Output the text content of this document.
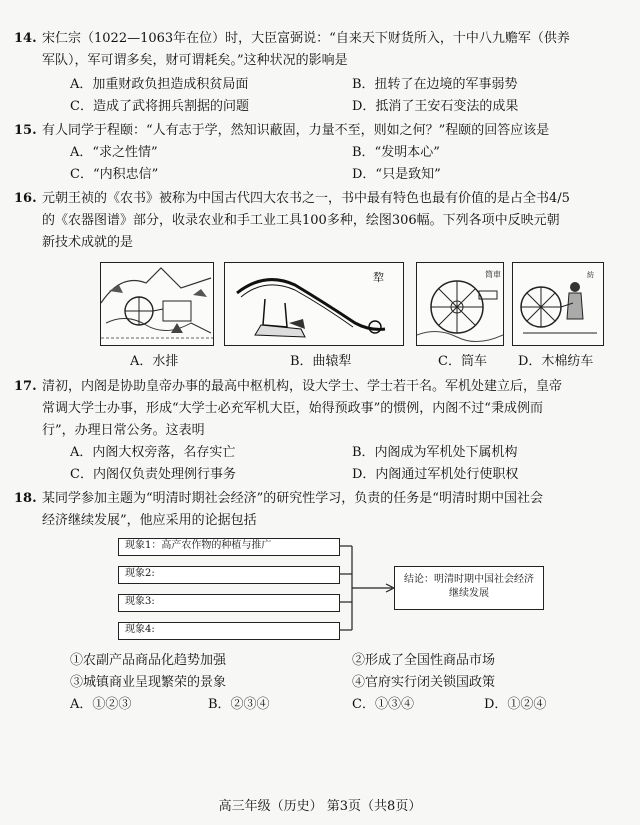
14. 宋仁宗（1022—1063年在位）时，大臣富弼说：“自来天下财货所入，十中八九赡军（供养
军队），军可谓多矣，财可谓耗矣。”这种状况的影响是
A．加重财政负担造成积贫局面	B．扭转了在边境的军事弱势
C．造成了武将拥兵割据的问题	D．抵消了王安石变法的成果
15. 有人同学于程颐：“人有志于学，然知识蔽固，力量不至，则如之何？”程颐的回答应该是
A．“求之性情”	B．“发明本心”
C．“内积忠信”	D．“只是致知”
16. 元朝王祯的《农书》被称为中国古代四大农书之一，书中最有特色也最有价值的是占全书4/5
的《农器图谱》部分，收录农业和手工业工具100多种，绘图306幅。下列各项中反映元朝
新技术成就的是
犂	筒車	紡
A．水排	B．曲辕犁	C．筒车 D．木棉纺车
17. 清初，内阁是协助皇帝办事的最高中枢机构，设大学士、学士若干名。军机处建立后，皇帝
常调大学士办事，形成“大学士必充军机大臣，始得预政事”的惯例，内阁不过“秉成例而
行”，办理日常公务。这表明
A．内阁大权旁落，名存实亡	B．内阁成为军机处下属机构
C．内阁仅负责处理例行事务	D．内阁通过军机处行使职权
18. 某同学参加主题为“明清时期社会经济”的研究性学习，负责的任务是“明清时期中国社会
经济继续发展”，他应采用的论据包括
现象1：高产农作物的种植与推广
现象2:
现象3:
现象4:
结论：明清时期中国社会经济
继续发展
①农副产品商品化趋势加强	②形成了全国性商品市场
③城镇商业呈现繁荣的景象	④官府实行闭关锁国政策
A．①②③	B．②③④	C．①③④	D．①②④
高三年级（历史） 第3页（共8页）
